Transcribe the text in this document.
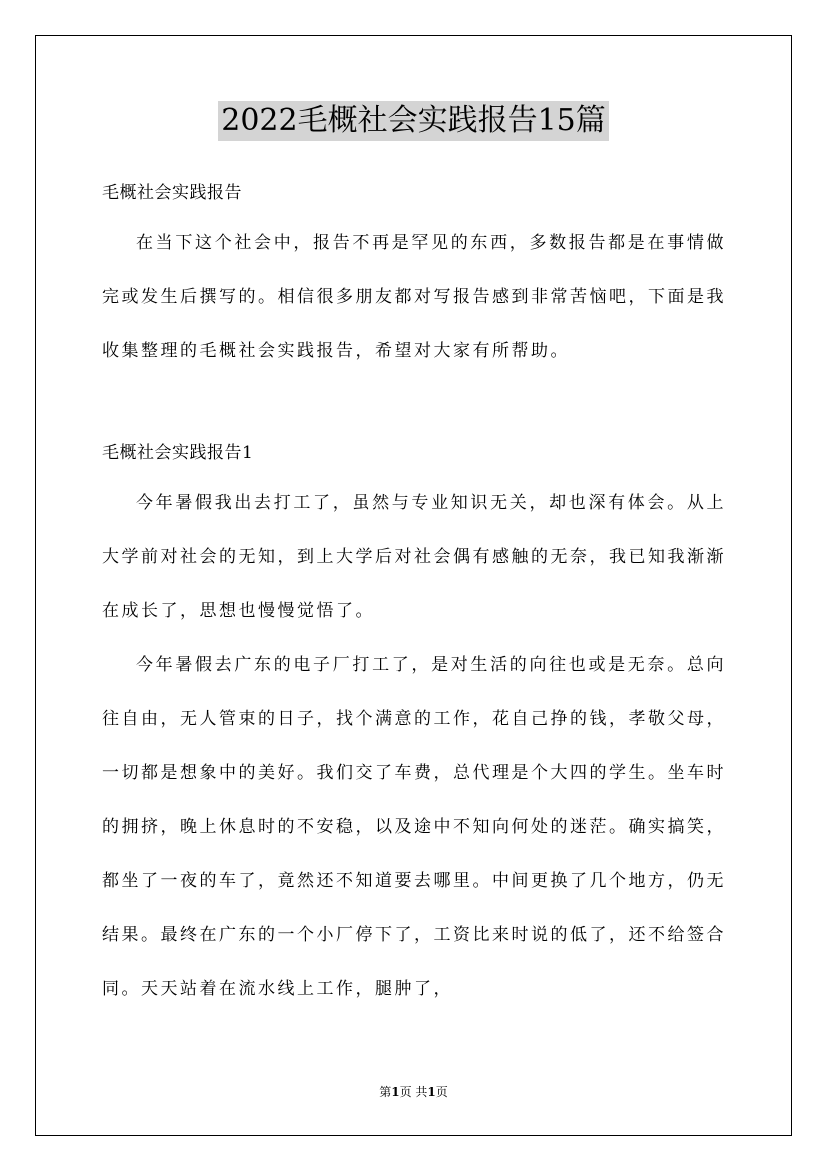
2022毛概社会实践报告15篇

毛概社会实践报告

在当下这个社会中，报告不再是罕见的东西，多数报告都是在事情做完或发生后撰写的。相信很多朋友都对写报告感到非常苦恼吧，下面是我收集整理的毛概社会实践报告，希望对大家有所帮助。

毛概社会实践报告1

今年暑假我出去打工了，虽然与专业知识无关，却也深有体会。从上大学前对社会的无知，到上大学后对社会偶有感触的无奈，我已知我渐渐在成长了，思想也慢慢觉悟了。

今年暑假去广东的电子厂打工了，是对生活的向往也或是无奈。总向往自由，无人管束的日子，找个满意的工作，花自己挣的钱，孝敬父母，一切都是想象中的美好。我们交了车费，总代理是个大四的学生。坐车时的拥挤，晚上休息时的不安稳，以及途中不知向何处的迷茫。确实搞笑，都坐了一夜的车了，竟然还不知道要去哪里。中间更换了几个地方，仍无结果。最终在广东的一个小厂停下了，工资比来时说的低了，还不给签合同。天天站着在流水线上工作，腿肿了，

第1页 共1页
